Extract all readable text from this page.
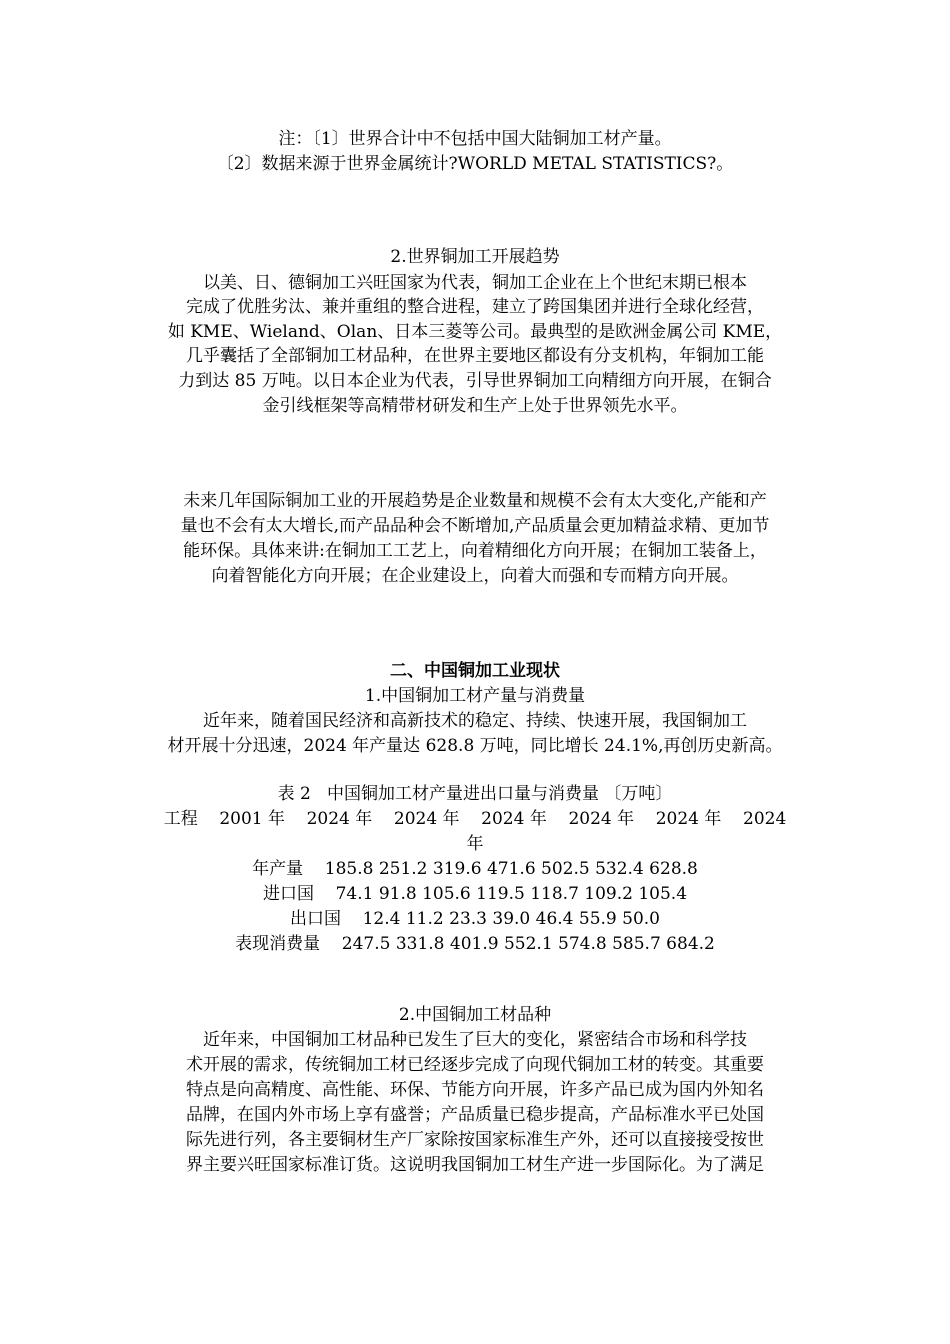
注：〔1〕世界合计中不包括中国大陆铜加工材产量。
〔2〕数据来源于世界金属统计?WORLD METAL STATISTICS?。
2.世界铜加工开展趋势
以美、日、德铜加工兴旺国家为代表，铜加工企业在上个世纪末期已根本
完成了优胜劣汰、兼并重组的整合进程，建立了跨国集团并进行全球化经营，
如 KME、Wieland、Olan、日本三菱等公司。最典型的是欧洲金属公司 KME，
几乎囊括了全部铜加工材品种，在世界主要地区都设有分支机构，年铜加工能
力到达 85 万吨。以日本企业为代表，引导世界铜加工向精细方向开展，在铜合
金引线框架等高精带材研发和生产上处于世界领先水平。
未来几年国际铜加工业的开展趋势是企业数量和规模不会有太大变化,产能和产
量也不会有太大增长,而产品品种会不断增加,产品质量会更加精益求精、更加节
能环保。具体来讲:在铜加工工艺上，向着精细化方向开展；在铜加工装备上，
向着智能化方向开展；在企业建设上，向着大而强和专而精方向开展。
二、中国铜加工业现状
1.中国铜加工材产量与消费量
近年来，随着国民经济和高新技术的稳定、持续、快速开展，我国铜加工
材开展十分迅速，2024 年产量达 628.8 万吨，同比增长 24.1%,再创历史新高。
表 2   中国铜加工材产量进出口量与消费量 〔万吨〕
工程    2001 年    2024 年    2024 年    2024 年    2024 年    2024 年    2024
年
年产量    185.8 251.2 319.6 471.6 502.5 532.4 628.8
进口国    74.1 91.8 105.6 119.5 118.7 109.2 105.4
出口国    12.4 11.2 23.3 39.0 46.4 55.9 50.0
表现消费量    247.5 331.8 401.9 552.1 574.8 585.7 684.2
2.中国铜加工材品种
近年来，中国铜加工材品种已发生了巨大的变化，紧密结合市场和科学技
术开展的需求，传统铜加工材已经逐步完成了向现代铜加工材的转变。其重要
特点是向高精度、高性能、环保、节能方向开展，许多产品已成为国内外知名
品牌，在国内外市场上享有盛誉；产品质量已稳步提高，产品标准水平已处国
际先进行列，各主要铜材生产厂家除按国家标准生产外，还可以直接接受按世
界主要兴旺国家标准订货。这说明我国铜加工材生产进一步国际化。为了满足
